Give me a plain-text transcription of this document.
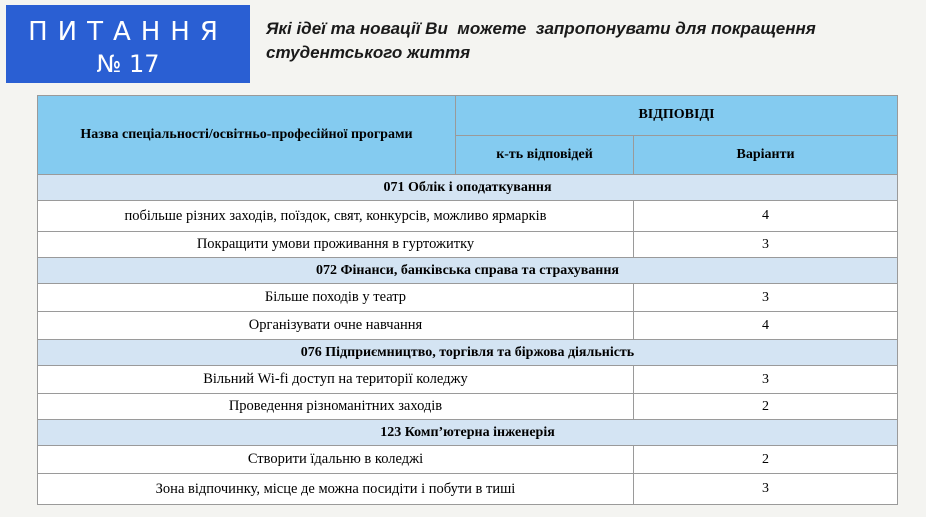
ПИТАННЯ
№ 17
Які ідеї та новації Ви  можете  запропонувати для покращення студентського життя
Назва спеціальності/освітньо-професійної програми	ВІДПОВІДІ	
	к-ть відповідей	Варіанти
071 Облік і оподаткування		
побільше різних заходів, поїздок, свят, конкурсів, можливо ярмарків		4
Покращити умови проживання в гуртожитку		3
072 Фінанси, банківська справа та страхування		
Більше походів у театр		3
Організувати очне навчання		4
076 Підприємництво, торгівля та біржова діяльність		
Вільний Wi-fi доступ на території коледжу		3
Проведення різноманітних заходів		2
123 Комп’ютерна інженерія		
Створити їдальню в коледжі		2
Зона відпочинку, місце де можна посидіти і побути в тиші		3
